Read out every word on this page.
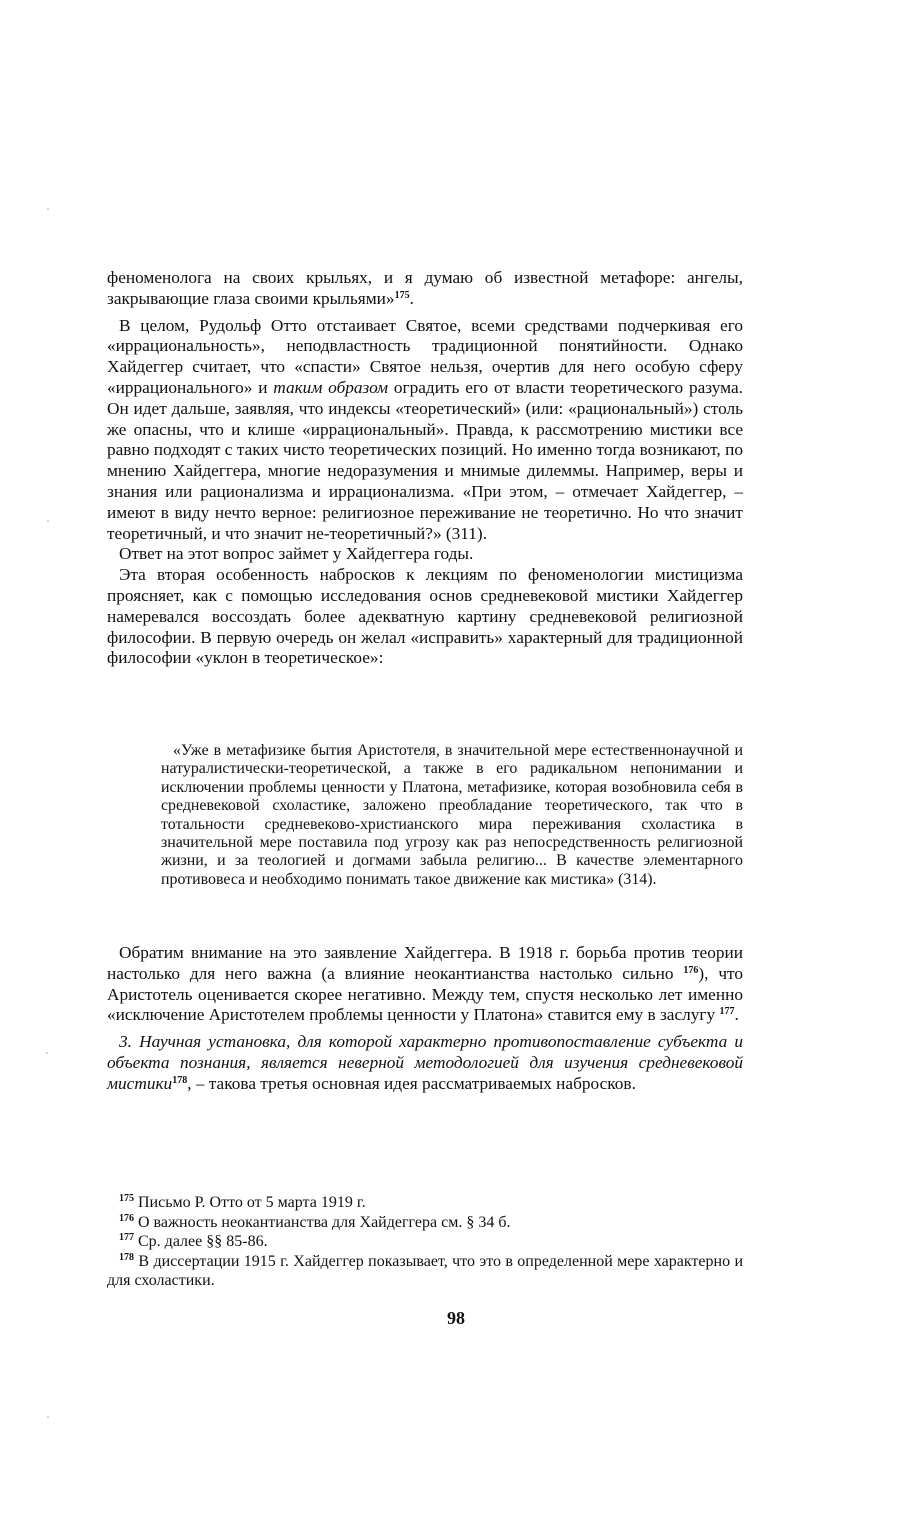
феноменолога на своих крыльях, и я думаю об известной метафоре: ангелы, закрывающие глаза своими крыльями»$^{175}$.

В целом, Рудольф Отто отстаивает Святое, всеми средствами подчеркивая его «иррациональность», неподвластность традиционной понятийности. Однако Хайдеггер считает, что «спасти» Святое нельзя, очертив для него особую сферу «иррационального» и таким образом оградить его от власти теоретического разума. Он идет дальше, заявляя, что индексы «теоретический» (или: «рациональный») столь же опасны, что и клише «иррациональный». Правда, к рассмотрению мистики все равно подходят с таких чисто теоретических позиций. Но именно тогда возникают, по мнению Хайдеггера, многие недоразумения и мнимые дилеммы. Например, веры и знания или рационализма и иррационализма. «При этом, – отмечает Хайдеггер, – имеют в виду нечто верное: религиозное переживание не теоретично. Но что значит теоретичный, и что значит не-теоретичный?» (311).

Ответ на этот вопрос займет у Хайдеггера годы.

Эта вторая особенность набросков к лекциям по феноменологии мистицизма проясняет, как с помощью исследования основ средневековой мистики Хайдеггер намеревался воссоздать более адекватную картину средневековой религиозной философии. В первую очередь он желал «исправить» характерный для традиционной философии «уклон в теоретическое»:

«Уже в метафизике бытия Аристотеля, в значительной мере естественнонаучной и натуралистически-теоретической, а также в его радикальном непонимании и исключении проблемы ценности у Платона, метафизике, которая возобновила себя в средневековой схоластике, заложено преобладание теоретического, так что в тотальности средневеково-христианского мира переживания схоластика в значительной мере поставила под угрозу как раз непосредственность религиозной жизни, и за теологией и догмами забыла религию... В качестве элементарного противовеса и необходимо понимать такое движение как мистика» (314).

Обратим внимание на это заявление Хайдеггера. В 1918 г. борьба против теории настолько для него важна (а влияние неокантианства настолько сильно $^{176}$), что Аристотель оценивается скорее негативно. Между тем, спустя несколько лет именно «исключение Аристотелем проблемы ценности у Платона» ставится ему в заслугу $^{177}$.

3. Научная установка, для которой характерно противопоставление субъекта и объекта познания, является неверной методологией для изучения средневековой мистики$^{178}$, – такова третья основная идея рассматриваемых набросков.

$^{175}$ Письмо Р. Отто от 5 марта 1919 г.

$^{176}$ О важность неокантианства для Хайдеггера см. § 34 б.

$^{177}$ Ср. далее §§ 85-86.

$^{178}$ В диссертации 1915 г. Хайдеггер показывает, что это в определенной мере характерно и для схоластики.

98
